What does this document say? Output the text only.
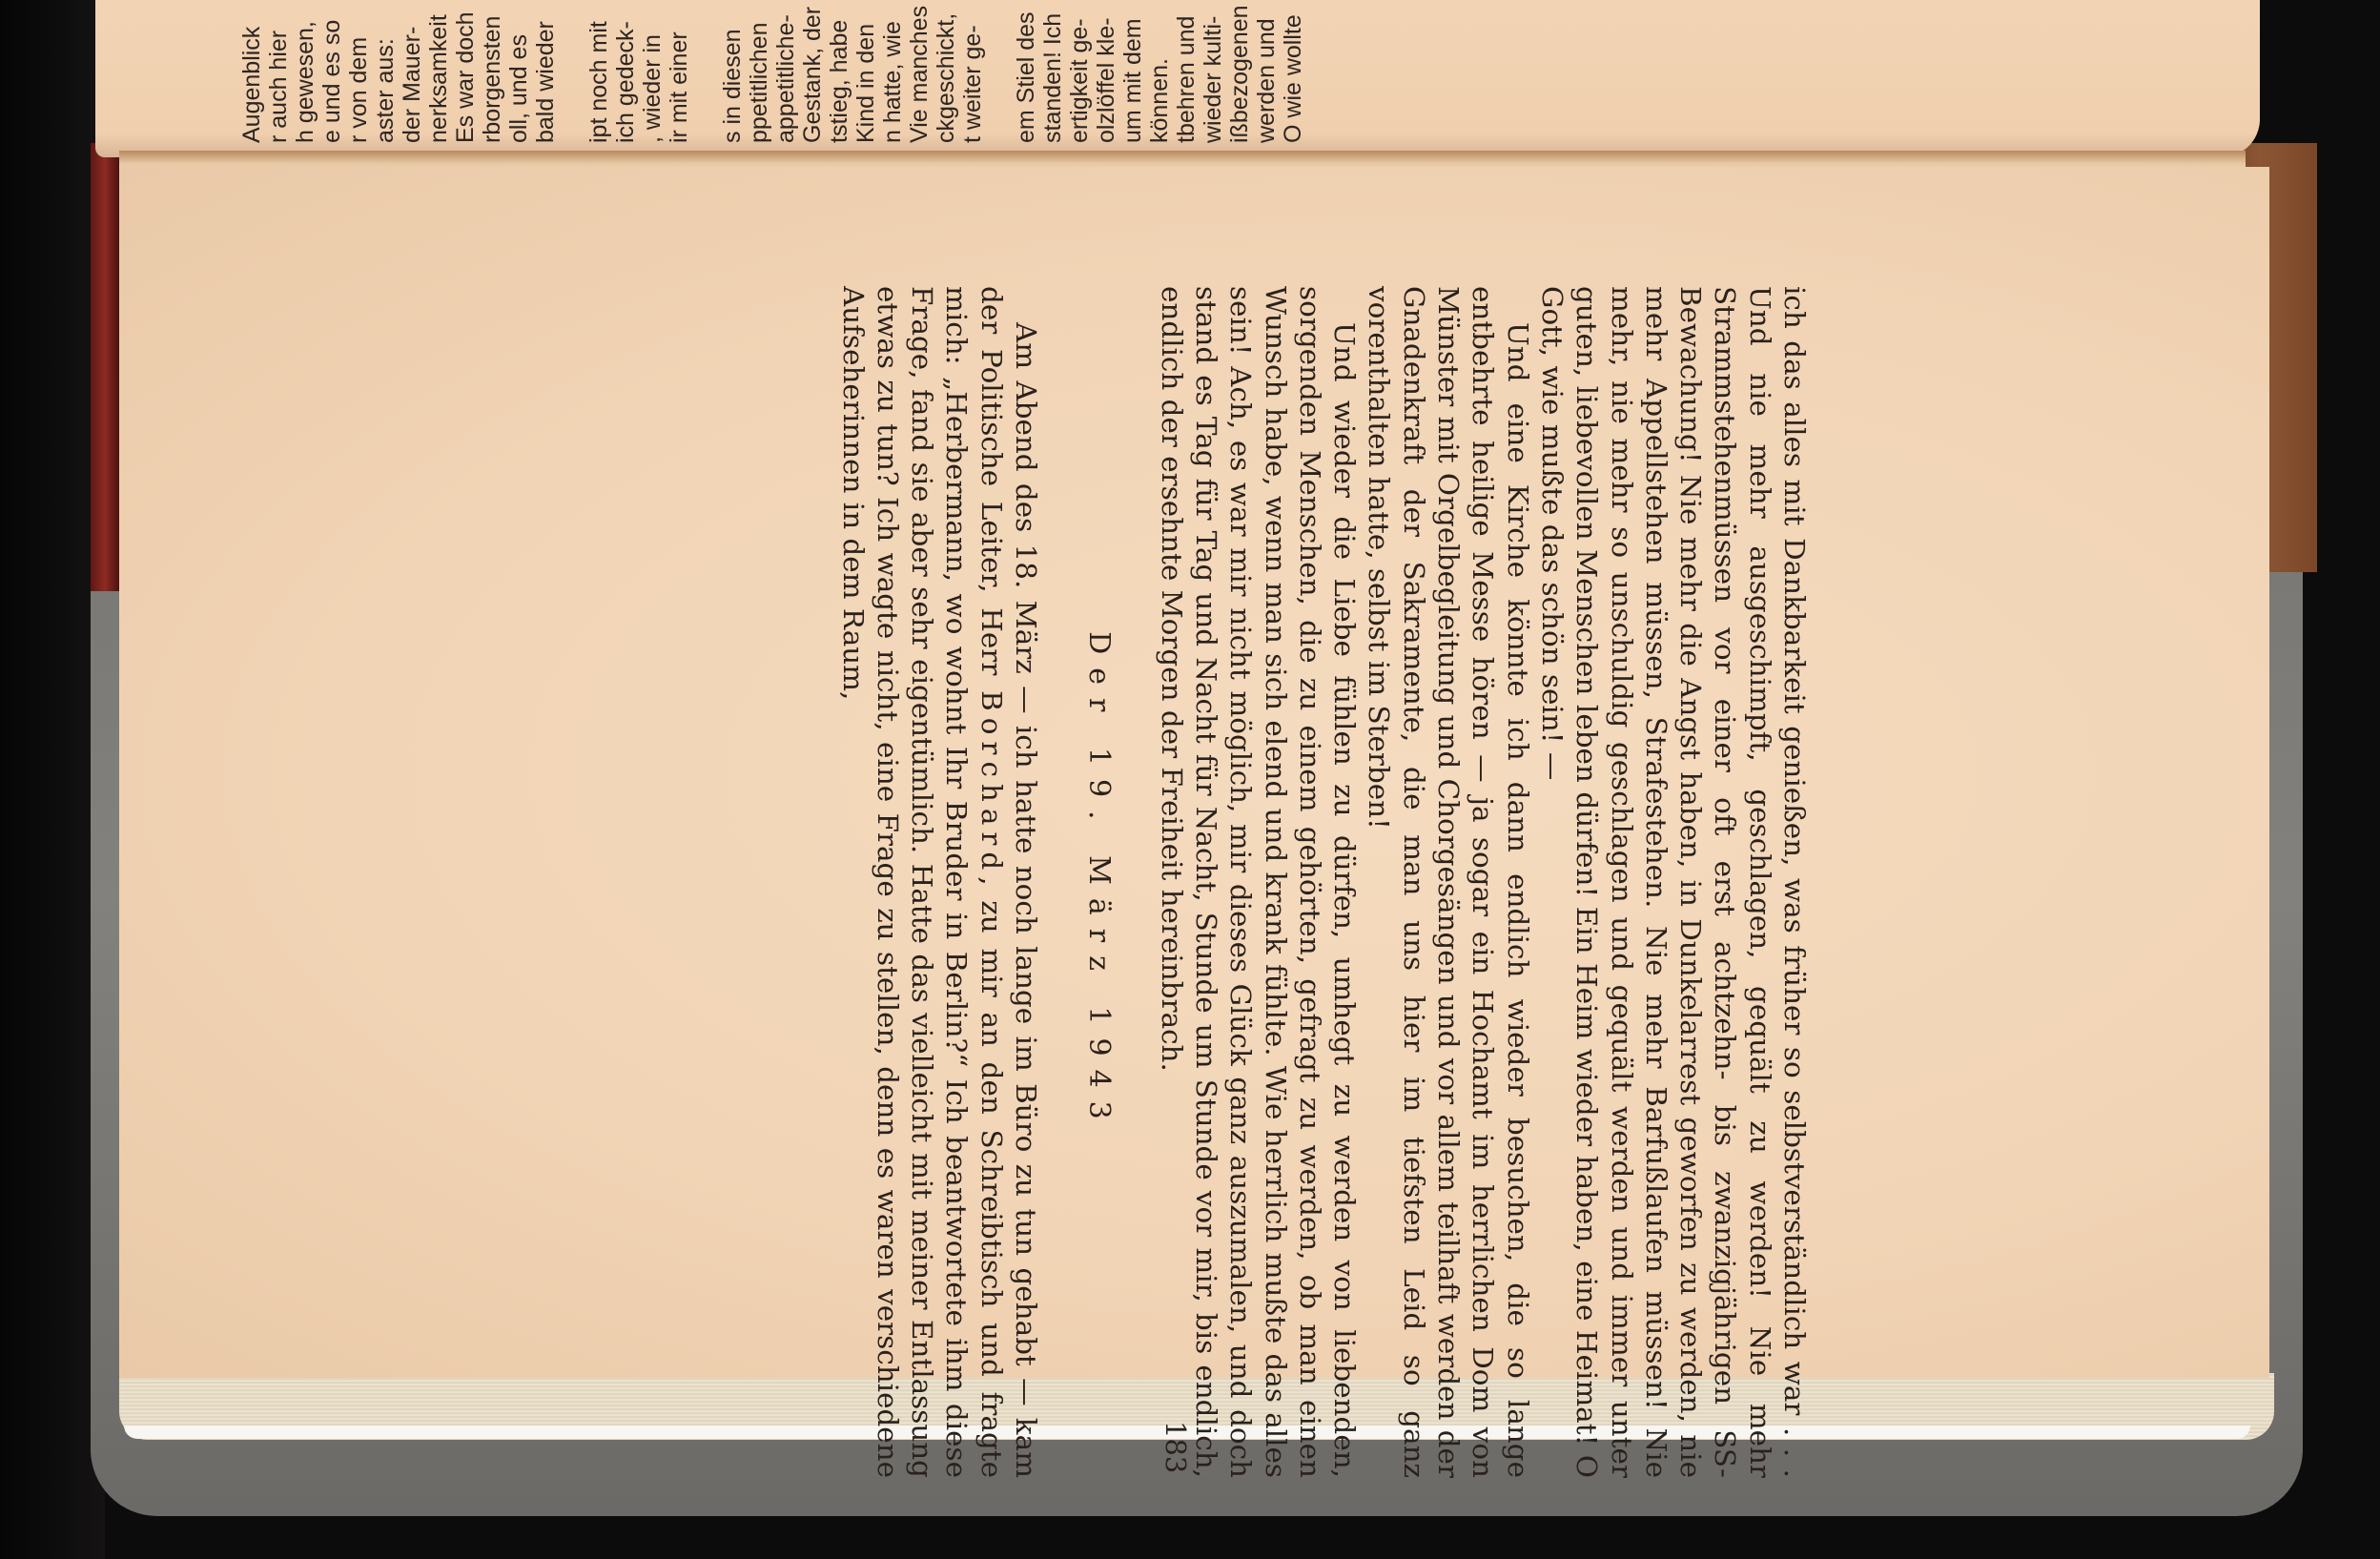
Augenblick r auch hier h gewesen, e und es so r von dem aster aus: der Mauer- nerksamkeit Es war doch rborgensten oll, und es bald wieder ipt noch mit ich gedeck- , wieder in ir mit einer s in diesen ppetitlichen appetitliche- Gestank, der tstieg, habe Kind in den n hatte, wie Vie manches ckgeschickt, t weiter ge- em Stiel des standen! Ich ertigkeit ge- olzlöffel kle- um mit dem können. tbehren und wieder kulti- ißbezogenen werden und O wie wollte

ich das alles mit Dankbarkeit genießen, was früher so selbstverständlich war . . . Und nie mehr ausgeschimpft, geschlagen, gequält zu werden! Nie mehr Strammstehenmüssen vor einer oft erst achtzehn- bis zwanzigjährigen SS-Bewachung! Nie mehr die Angst haben, in Dunkelarrest geworfen zu werden, nie mehr Appellstehen müssen, Strafestehen. Nie mehr Barfußlaufen müssen! Nie mehr, nie mehr so unschuldig geschlagen und gequält werden und immer unter guten, liebevollen Menschen leben dürfen! Ein Heim wieder haben, eine Heimat! O Gott, wie mußte das schön sein! —

Und eine Kirche könnte ich dann endlich wieder besuchen, die so lange entbehrte heilige Messe hören — ja sogar ein Hochamt im herrlichen Dom von Münster mit Orgelbegleitung und Chorgesängen und vor allem teilhaft werden der Gnadenkraft der Sakramente, die man uns hier im tiefsten Leid so ganz vorenthalten hatte, selbst im Sterben!

Und wieder die Liebe fühlen zu dürfen, umhegt zu werden von liebenden, sorgenden Menschen, die zu einem gehörten, gefragt zu werden, ob man einen Wunsch habe, wenn man sich elend und krank fühlte. Wie herrlich mußte das alles sein! Ach, es war mir nicht möglich, mir dieses Glück ganz auszumalen, und doch stand es Tag für Tag und Nacht für Nacht, Stunde um Stunde vor mir, bis endlich, endlich der ersehnte Morgen der Freiheit hereinbrach.

Der 19. März 1943

Am Abend des 18. März — ich hatte noch lange im Büro zu tun gehabt — kam der Politische Leiter, Herr Borchard, zu mir an den Schreibtisch und fragte mich: „Herbermann, wo wohnt Ihr Bruder in Berlin?“ Ich beantwortete ihm diese Frage, fand sie aber sehr eigentümlich. Hatte das vielleicht mit meiner Entlassung etwas zu tun? Ich wagte nicht, eine Frage zu stellen, denn es waren verschiedene Aufseherinnen in dem Raum,

183
